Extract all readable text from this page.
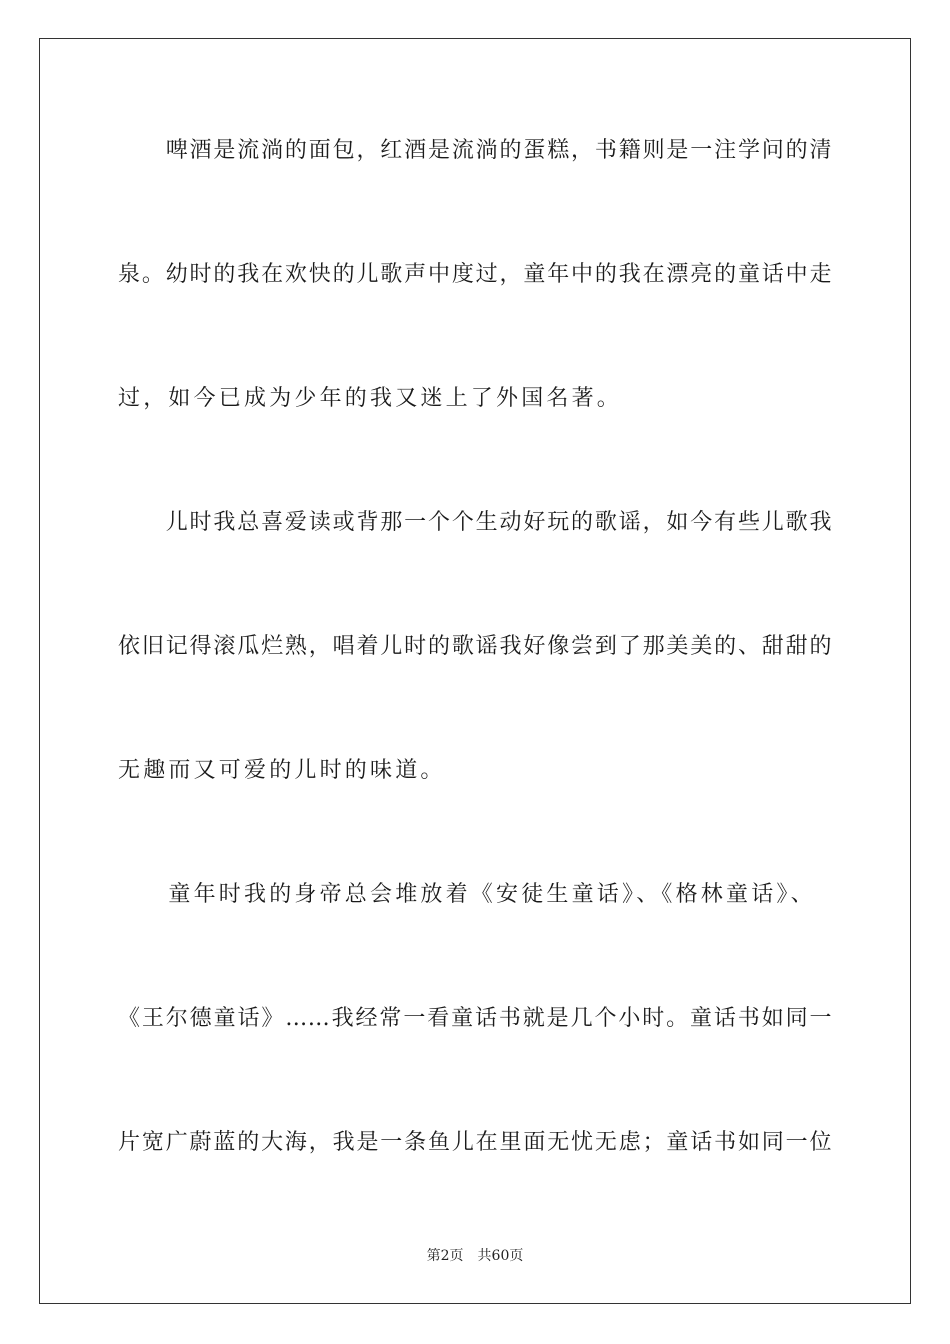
　　啤酒是流淌的面包，红酒是流淌的蛋糕，书籍则是一注学问的清
泉。幼时的我在欢快的儿歌声中度过，童年中的我在漂亮的童话中走
过，如今已成为少年的我又迷上了外国名著。
　　儿时我总喜爱读或背那一个个生动好玩的歌谣，如今有些儿歌我
依旧记得滚瓜烂熟，唱着儿时的歌谣我好像尝到了那美美的、甜甜的
无趣而又可爱的儿时的味道。
　　童年时我的身帝总会堆放着《安徒生童话》、《格林童话》、
《王尔德童话》……我经常一看童话书就是几个小时。童话书如同一
片宽广蔚蓝的大海，我是一条鱼儿在里面无忧无虑；童话书如同一位
第2页 共60页
